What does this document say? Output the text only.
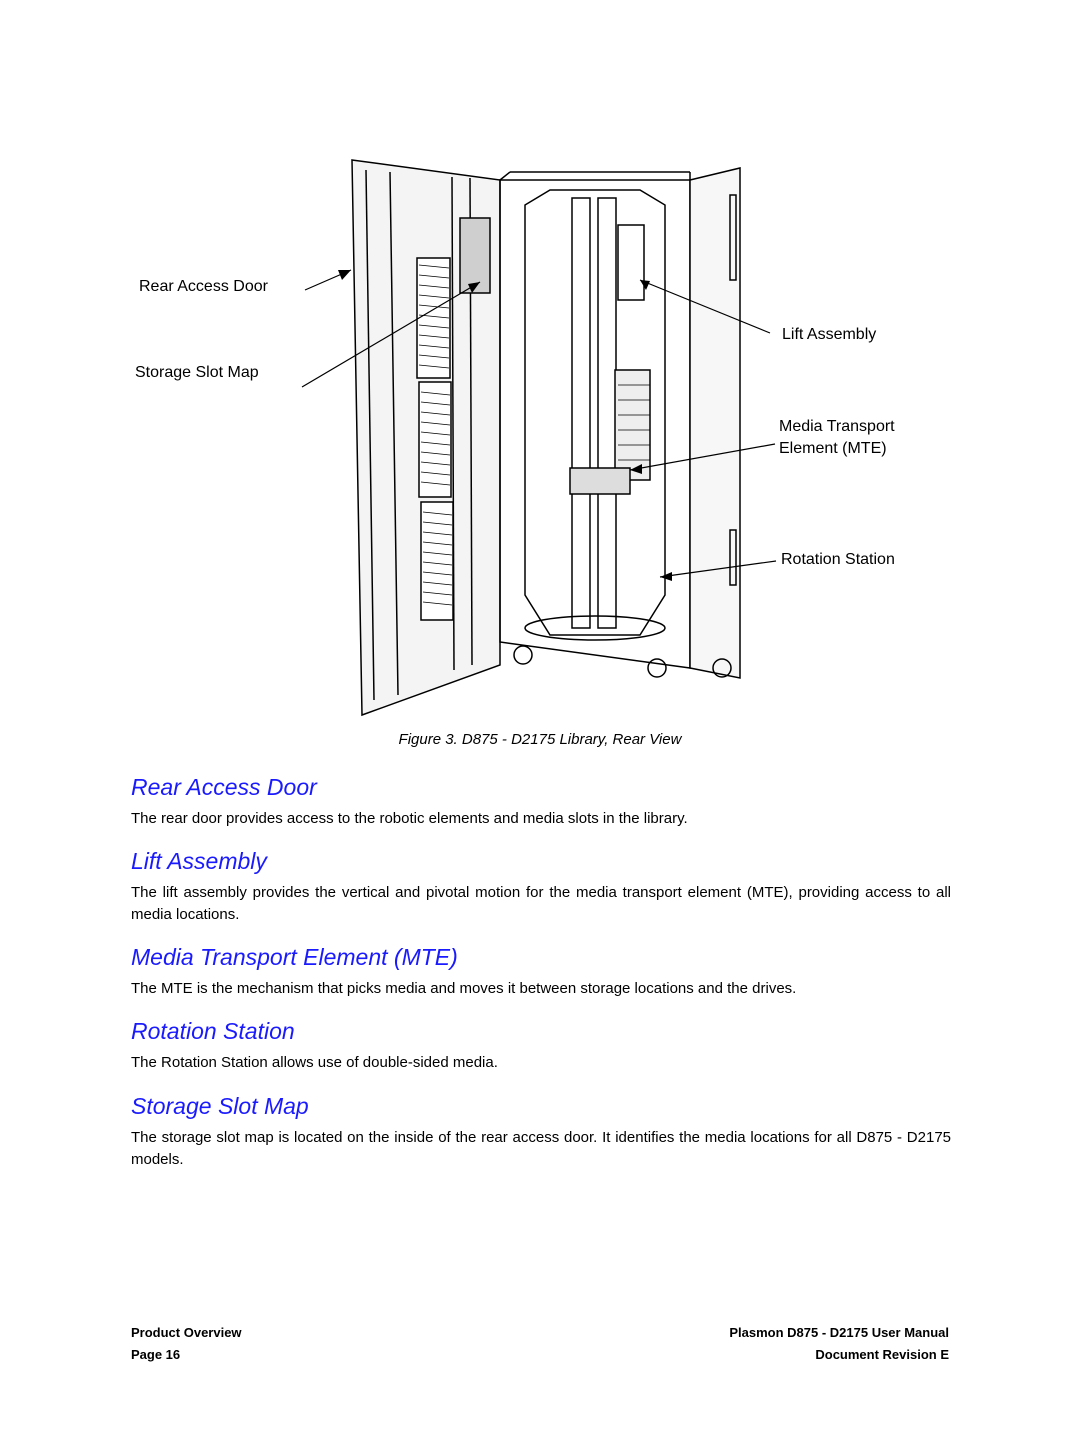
Rear Access Door
Storage Slot Map
Lift Assembly
Media Transport
Element (MTE)
Rotation Station
Figure 3. D875 - D2175 Library, Rear View
Rear Access Door

The rear door provides access to the robotic elements and media slots in the library.

Lift Assembly

The lift assembly provides the vertical and pivotal motion for the media transport element (MTE), providing access to all media locations.

Media Transport Element (MTE)

The MTE is the mechanism that picks media and moves it between storage locations and the drives.

Rotation Station

The Rotation Station allows use of double-sided media.

Storage Slot Map

The storage slot map is located on the inside of the rear access door. It identifies the media locations for all D875 - D2175 models.

Product Overview	Plasmon D875 - D2175 User Manual
Page 16	Document Revision E
